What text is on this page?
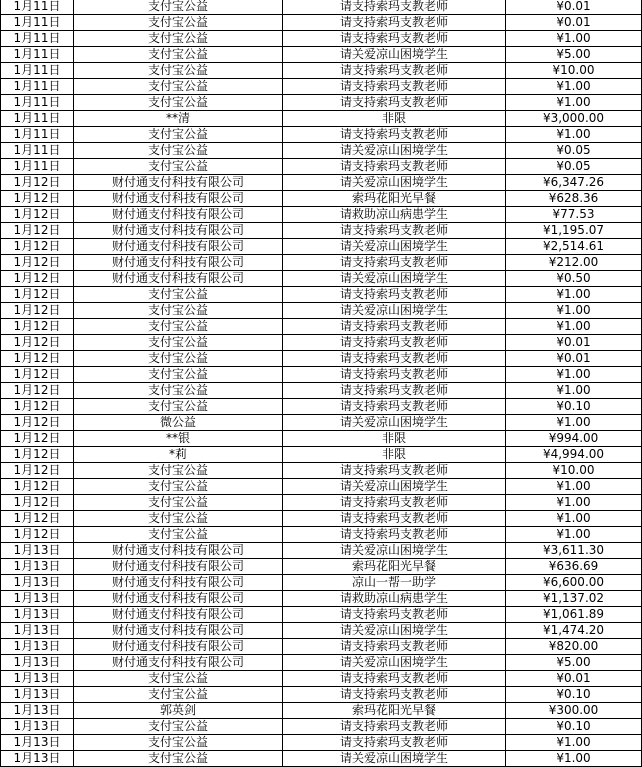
1月11日	支付宝公益	请支持索玛支教老师	¥0.01
1月11日	支付宝公益	请支持索玛支教老师	¥0.01
1月11日	支付宝公益	请支持索玛支教老师	¥1.00
1月11日	支付宝公益	请关爱凉山困境学生	¥5.00
1月11日	支付宝公益	请支持索玛支教老师	¥10.00
1月11日	支付宝公益	请支持索玛支教老师	¥1.00
1月11日	支付宝公益	请支持索玛支教老师	¥1.00
1月11日	**清	非限	¥3,000.00
1月11日	支付宝公益	请支持索玛支教老师	¥1.00
1月11日	支付宝公益	请关爱凉山困境学生	¥0.05
1月11日	支付宝公益	请支持索玛支教老师	¥0.05
1月12日	财付通支付科技有限公司	请关爱凉山困境学生	¥6,347.26
1月12日	财付通支付科技有限公司	索玛花阳光早餐	¥628.36
1月12日	财付通支付科技有限公司	请救助凉山病患学生	¥77.53
1月12日	财付通支付科技有限公司	请支持索玛支教老师	¥1,195.07
1月12日	财付通支付科技有限公司	请关爱凉山困境学生	¥2,514.61
1月12日	财付通支付科技有限公司	请支持索玛支教老师	¥212.00
1月12日	财付通支付科技有限公司	请关爱凉山困境学生	¥0.50
1月12日	支付宝公益	请支持索玛支教老师	¥1.00
1月12日	支付宝公益	请关爱凉山困境学生	¥1.00
1月12日	支付宝公益	请支持索玛支教老师	¥1.00
1月12日	支付宝公益	请支持索玛支教老师	¥0.01
1月12日	支付宝公益	请支持索玛支教老师	¥0.01
1月12日	支付宝公益	请支持索玛支教老师	¥1.00
1月12日	支付宝公益	请支持索玛支教老师	¥1.00
1月12日	支付宝公益	请支持索玛支教老师	¥0.10
1月12日	微公益	请关爱凉山困境学生	¥1.00
1月12日	**银	非限	¥994.00
1月12日	*莉	非限	¥4,994.00
1月12日	支付宝公益	请支持索玛支教老师	¥10.00
1月12日	支付宝公益	请关爱凉山困境学生	¥1.00
1月12日	支付宝公益	请支持索玛支教老师	¥1.00
1月12日	支付宝公益	请支持索玛支教老师	¥1.00
1月12日	支付宝公益	请支持索玛支教老师	¥1.00
1月13日	财付通支付科技有限公司	请关爱凉山困境学生	¥3,611.30
1月13日	财付通支付科技有限公司	索玛花阳光早餐	¥636.69
1月13日	财付通支付科技有限公司	凉山一帮一助学	¥6,600.00
1月13日	财付通支付科技有限公司	请救助凉山病患学生	¥1,137.02
1月13日	财付通支付科技有限公司	请支持索玛支教老师	¥1,061.89
1月13日	财付通支付科技有限公司	请关爱凉山困境学生	¥1,474.20
1月13日	财付通支付科技有限公司	请支持索玛支教老师	¥820.00
1月13日	财付通支付科技有限公司	请关爱凉山困境学生	¥5.00
1月13日	支付宝公益	请支持索玛支教老师	¥0.01
1月13日	支付宝公益	请支持索玛支教老师	¥0.10
1月13日	郭英剑	索玛花阳光早餐	¥300.00
1月13日	支付宝公益	请支持索玛支教老师	¥0.10
1月13日	支付宝公益	请支持索玛支教老师	¥1.00
1月13日	支付宝公益	请关爱凉山困境学生	¥1.00
